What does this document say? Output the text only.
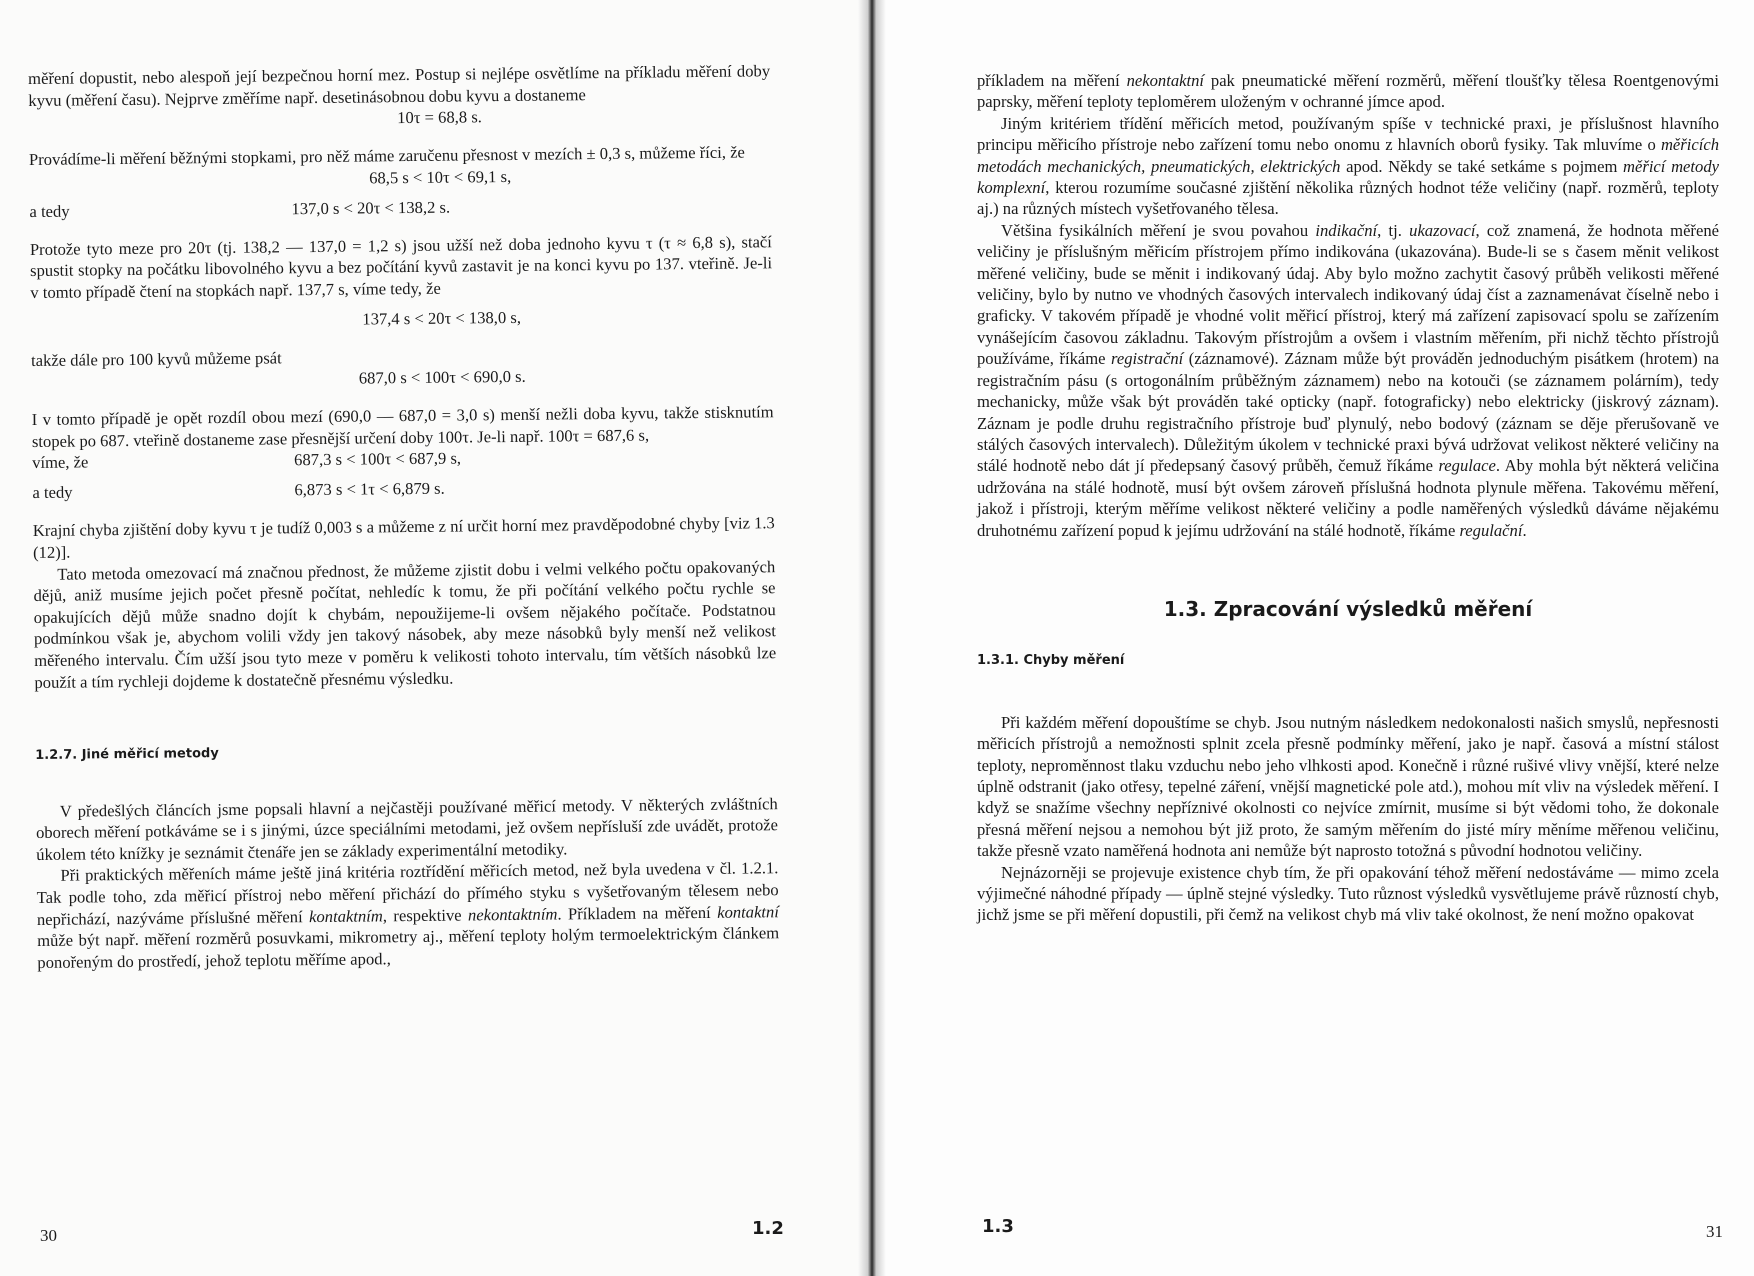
měření dopustit, nebo alespoň její bezpečnou horní mez. Postup si nejlépe osvětlíme na příkladu měření doby kyvu (měření času). Nejprve změříme např. desetinásobnou dobu kyvu a dostaneme

10τ = 68,8 s.

Provádíme-li měření běžnými stopkami, pro něž máme zaručenu přesnost v mezích ± 0,3 s, můžeme říci, že

68,5 s < 10τ < 69,1 s,
a tedy	137,0 s < 20τ < 138,2 s.

Protože tyto meze pro 20τ (tj. 138,2 — 137,0 = 1,2 s) jsou užší než doba jednoho kyvu τ (τ ≈ 6,8 s), stačí spustit stopky na počátku libovolného kyvu a bez počítání kyvů zastavit je na konci kyvu po 137. vteřině. Je-li v tomto případě čtení na stopkách např. 137,7 s, víme tedy, že

137,4 s < 20τ < 138,0 s,

takže dále pro 100 kyvů můžeme psát

687,0 s < 100τ < 690,0 s.

I v tomto případě je opět rozdíl obou mezí (690,0 — 687,0 = 3,0 s) menší nežli doba kyvu, takže stisknutím stopek po 687. vteřině dostaneme zase přesnější určení doby 100τ. Je-li např. 100τ = 687,6 s,

víme, že	687,3 s < 100τ < 687,9 s,
a tedy	6,873 s < 1τ < 6,879 s.

Krajní chyba zjištění doby kyvu τ je tudíž 0,003 s a můžeme z ní určit horní mez pravděpodobné chyby [viz 1.3 (12)].

Tato metoda omezovací má značnou přednost, že můžeme zjistit dobu i velmi velkého počtu opakovaných dějů, aniž musíme jejich počet přesně počítat, nehledíc k tomu, že při počítání velkého počtu rychle se opakujících dějů může snadno dojít k chybám, nepoužijeme-li ovšem nějakého počítače. Podstatnou podmínkou však je, abychom volili vždy jen takový násobek, aby meze násobků byly menší než velikost měřeného intervalu. Čím užší jsou tyto meze v poměru k velikosti tohoto intervalu, tím větších násobků lze použít a tím rychleji dojdeme k dostatečně přesnému výsledku.

1.2.7. Jiné měřicí metody

V předešlých článcích jsme popsali hlavní a nejčastěji používané měřicí metody. V některých zvláštních oborech měření potkáváme se i s jinými, úzce speciálními metodami, jež ovšem nepřísluší zde uvádět, protože úkolem této knížky je seznámit čtenáře jen se základy experimentální metodiky.

Při praktických měřeních máme ještě jiná kritéria roztřídění měřicích metod, než byla uvedena v čl. 1.2.1. Tak podle toho, zda měřicí přístroj nebo měření přichází do přímého styku s vyšetřovaným tělesem nebo nepřichází, nazýváme příslušné měření kontaktním, respektive nekontaktním. Příkladem na měření kontaktní může být např. měření rozměrů posuvkami, mikrometry aj., měření teploty holým termoelektrickým článkem ponořeným do prostředí, jehož teplotu měříme apod.,

30	1.2

příkladem na měření nekontaktní pak pneumatické měření rozměrů, měření tloušťky tělesa Roentgenovými paprsky, měření teploty teploměrem uloženým v ochranné jímce apod.

Jiným kritériem třídění měřicích metod, používaným spíše v technické praxi, je příslušnost hlavního principu měřicího přístroje nebo zařízení tomu nebo onomu z hlavních oborů fysiky. Tak mluvíme o měřicích metodách mechanických, pneumatických, elektrických apod. Někdy se také setkáme s pojmem měřicí metody komplexní, kterou rozumíme současné zjištění několika různých hodnot téže veličiny (např. rozměrů, teploty aj.) na různých místech vyšetřovaného tělesa.

Většina fysikálních měření je svou povahou indikační, tj. ukazovací, což znamená, že hodnota měřené veličiny je příslušným měřicím přístrojem přímo indikována (ukazována). Bude-li se s časem měnit velikost měřené veličiny, bude se měnit i indikovaný údaj. Aby bylo možno zachytit časový průběh velikosti měřené veličiny, bylo by nutno ve vhodných časových intervalech indikovaný údaj číst a zaznamenávat číselně nebo i graficky. V takovém případě je vhodné volit měřicí přístroj, který má zařízení zapisovací spolu se zařízením vynášejícím časovou základnu. Takovým přístrojům a ovšem i vlastním měřením, při nichž těchto přístrojů používáme, říkáme registrační (záznamové). Záznam může být prováděn jednoduchým pisátkem (hrotem) na registračním pásu (s ortogonálním průběžným záznamem) nebo na kotouči (se záznamem polárním), tedy mechanicky, může však být prováděn také opticky (např. fotograficky) nebo elektricky (jiskrový záznam). Záznam je podle druhu registračního přístroje buď plynulý, nebo bodový (záznam se děje přerušovaně ve stálých časových intervalech). Důležitým úkolem v technické praxi bývá udržovat velikost některé veličiny na stálé hodnotě nebo dát jí předepsaný časový průběh, čemuž říkáme regulace. Aby mohla být některá veličina udržována na stálé hodnotě, musí být ovšem zároveň příslušná hodnota plynule měřena. Takovému měření, jakož i přístroji, kterým měříme velikost některé veličiny a podle naměřených výsledků dáváme nějakému druhotnému zařízení popud k jejímu udržování na stálé hodnotě, říkáme regulační.

1.3. Zpracování výsledků měření
1.3.1. Chyby měření

Při každém měření dopouštíme se chyb. Jsou nutným následkem nedokonalosti našich smyslů, nepřesnosti měřicích přístrojů a nemožnosti splnit zcela přesně podmínky měření, jako je např. časová a místní stálost teploty, neproměnnost tlaku vzduchu nebo jeho vlhkosti apod. Konečně i různé rušivé vlivy vnější, které nelze úplně odstranit (jako otřesy, tepelné záření, vnější magnetické pole atd.), mohou mít vliv na výsledek měření. I když se snažíme všechny nepříznivé okolnosti co nejvíce zmírnit, musíme si být vědomi toho, že dokonale přesná měření nejsou a nemohou být již proto, že samým měřením do jisté míry měníme měřenou veličinu, takže přesně vzato naměřená hodnota ani nemůže být naprosto totožná s původní hodnotou veličiny.

Nejnázorněji se projevuje existence chyb tím, že při opakování téhož měření nedostáváme — mimo zcela výjimečné náhodné případy — úplně stejné výsledky. Tuto různost výsledků vysvětlujeme právě růzností chyb, jichž jsme se při měření dopustili, při čemž na velikost chyb má vliv také okolnost, že není možno opakovat

1.3	31
